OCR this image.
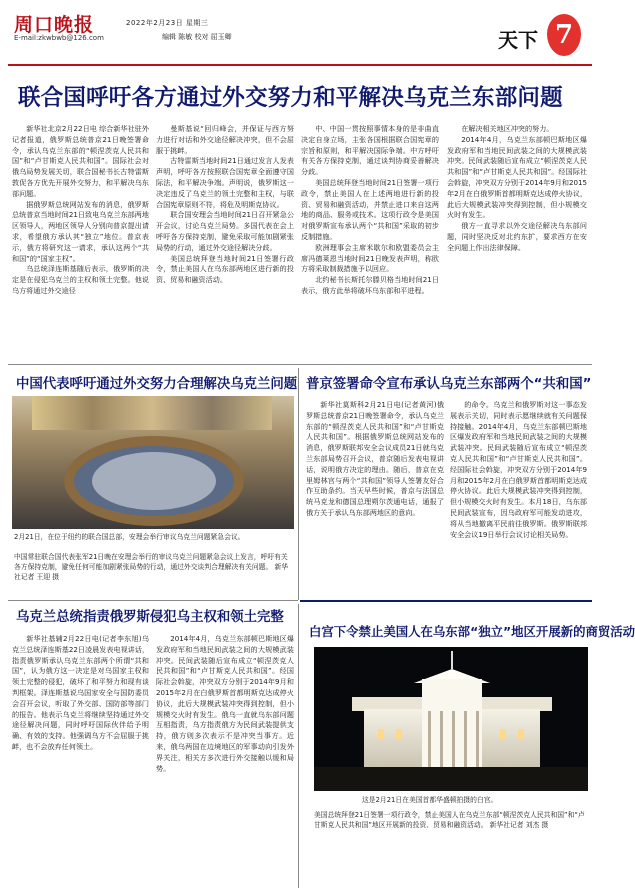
周口晚报
E-mail:zkwbwb@126.com
2022年2月23日 星期三
编辑 陈敏 校对 屈玉卿	天下 7
联合国呼吁各方通过外交努力和平解决乌克兰东部问题

新华社北京2月22日电 综合新华社驻外记者报道，俄罗斯总统普京21日晚签署命令，承认乌克兰东部的“顿涅茨克人民共和国”和“卢甘斯克人民共和国”。国际社会对俄乌局势发展关切，联合国秘书长古特雷斯敦促各方优先开展外交努力，和平解决乌东部问题。

据俄罗斯总统网站发布的消息，俄罗斯总统普京当地时间21日致电乌克兰东部两地区领导人，两地区领导人分别向普京提出请求，希望俄方承认其“独立”地位。普京表示，俄方将研究这一请求，承认这两个“共和国”的“国家主权”。

乌总统泽连斯基随后表示，俄罗斯的决定是在侵犯乌克兰的主权和领土完整。他说乌方将通过外交途径

曼斯基说“回归峰会，并保证与西方努力进行对话和外交途径解决冲突，但不会屈服于挑衅。

古特雷斯当地时间21日通过发言人发表声明，呼吁各方按照联合国宪章全面遵守国际法，和平解决争端。声明说，俄罗斯这一决定违反了乌克兰的领土完整和主权，与联合国宪章原则不符，将危及明斯克协议。

联合国安理会当地时间21日召开紧急公开会议，讨论乌克兰局势。多国代表在会上呼吁各方保持克制，避免采取可能加剧紧张局势的行动，通过外交途径解决分歧。

美国总统拜登当地时间21日签署行政令，禁止美国人在乌东部两地区进行新的投资、贸易和融资活动。

中、中国一贯按照事情本身的是非曲直决定自身立场，主张各国根据联合国宪章的宗旨和原则，和平解决国际争端。中方呼吁有关各方保持克制，通过谈判协商妥善解决分歧。

美国总统拜登当地时间21日签署一项行政令，禁止美国人在上述两地进行新的投资、贸易和融资活动，并禁止进口来自这两地的商品、服务或技术。这项行政令是美国对俄罗斯宣布承认两个“共和国”采取的初步反制措施。

欧洲理事会主席米歇尔和欧盟委员会主席冯德莱恩当地时间21日晚发表声明，称欧方将采取制裁措施予以回应。

北约秘书长斯托尔滕贝格当地时间21日表示，俄方此举将破坏乌东部和平进程。

在解决相关地区冲突的努力。

2014年4月，乌克兰东部顿巴斯地区爆发政府军和当地民间武装之间的大规模武装冲突。民间武装随后宣布成立“顿涅茨克人民共和国”和“卢甘斯克人民共和国”。经国际社会斡旋，冲突双方分别于2014年9月和2015年2月在白俄罗斯首都明斯克达成停火协议，此后大规模武装冲突得到控制，但小规模交火时有发生。

俄方一直寻求以外交途径解决乌东部问题，同时坚决反对北约东扩，要求西方在安全问题上作出法律保障。

中国代表呼吁通过外交努力合理解决乌克兰问题
2月21日，在位于纽约的联合国总部，安理会举行审议乌克兰问题紧急会议。
中国常驻联合国代表张军21日晚在安理会举行的审议乌克兰问题紧急会议上发言，呼吁有关各方保持克制，避免任何可能加剧紧张局势的行动，通过外交谈判合理解决有关问题。 新华社记者 王迎 摄
普京签署命令宣布承认乌克兰东部两个“共和国”

新华社莫斯科2月21日电(记者黄河)俄罗斯总统普京21日晚签署命令，承认乌克兰东部的“顿涅茨克人民共和国”和“卢甘斯克人民共和国”。根据俄罗斯总统网站发布的消息，俄罗斯联邦安全会议成员21日就乌克兰东部局势召开会议，普京随后发表电视讲话，说明俄方决定的理由。随后，普京在克里姆林宫与两个“共和国”领导人签署友好合作互助条约。当天早些时候，普京与法国总统马克龙和德国总理朔尔茨通电话，通报了俄方关于承认乌东部两地区的意向。

的命令。乌克兰和俄罗斯对这一事态发展表示关切，同时表示愿继续就有关问题保持接触。2014年4月，乌克兰东部顿巴斯地区爆发政府军和当地民间武装之间的大规模武装冲突。民间武装随后宣布成立“顿涅茨克人民共和国”和“卢甘斯克人民共和国”。经国际社会斡旋，冲突双方分别于2014年9月和2015年2月在白俄罗斯首都明斯克达成停火协议。此后大规模武装冲突得到控制，但小规模交火时有发生。本月18日，乌东部民间武装宣布，因乌政府军可能发动进攻，将从当地撤离平民前往俄罗斯。俄罗斯联邦安全会议19日举行会议讨论相关局势。

乌克兰总统指责俄罗斯侵犯乌主权和领土完整

新华社基辅2月22日电(记者李东旭)乌克兰总统泽连斯基22日凌晨发表电视讲话，指责俄罗斯承认乌克兰东部两个所谓“共和国”，认为俄方这一决定是对乌国家主权和领土完整的侵犯，破坏了和平努力和现有谈判框架。泽连斯基说乌国家安全与国防委员会召开会议，听取了外交部、国防部等部门的报告。他表示乌克兰将继续坚持通过外交途径解决问题，同时呼吁国际伙伴给予明确、有效的支持。他强调乌方不会屈服于挑衅，也不会放弃任何领土。

2014年4月，乌克兰东部顿巴斯地区爆发政府军和当地民间武装之间的大规模武装冲突。民间武装随后宣布成立“顿涅茨克人民共和国”和“卢甘斯克人民共和国”。经国际社会斡旋，冲突双方分别于2014年9月和2015年2月在白俄罗斯首都明斯克达成停火协议，此后大规模武装冲突得到控制，但小规模交火时有发生。俄乌一直就乌东部问题互相指责，乌方指责俄方为民间武装提供支持，俄方则多次表示不是冲突当事方。近来，俄乌两国在边境地区的军事动向引发外界关注，相关方多次进行外交接触以缓和局势。

白宫下令禁止美国人在乌东部“独立”地区开展新的商贸活动
这是2月21日在美国首都华盛顿拍摄的白宫。
美国总统拜登21日签署一项行政令，禁止美国人在乌克兰东部“顿涅茨克人民共和国”和“卢甘斯克人民共和国”地区开展新的投资、贸易和融资活动。 新华社记者 刘杰 摄
